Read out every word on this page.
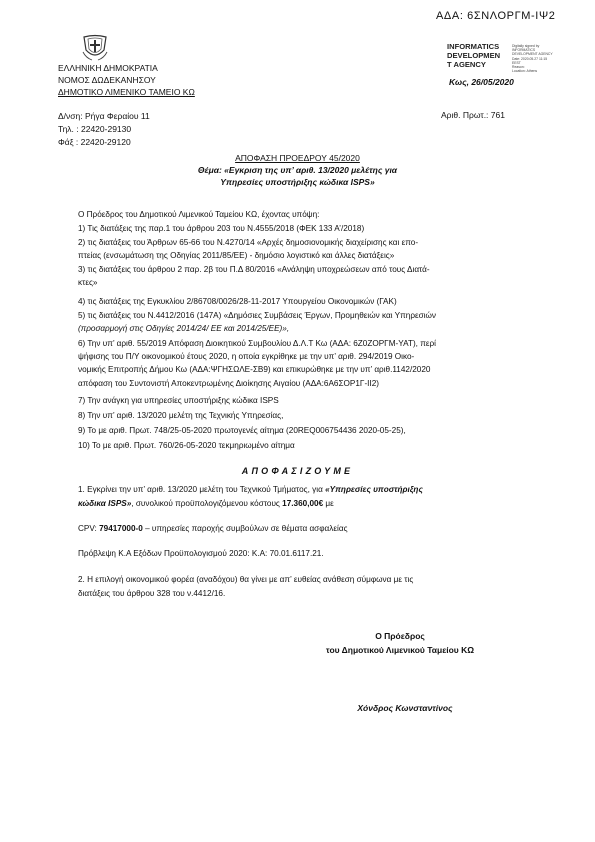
ΑΔΑ: 6ΣΝΛΟΡΓΜ-ΙΨ2
ΕΛΛΗΝΙΚΗ ΔΗΜΟΚΡΑΤΙΑ
ΝΟΜΟΣ ΔΩΔΕΚΑΝΗΣΟΥ
ΔΗΜΟΤΙΚΟ ΛΙΜΕΝΙΚΟ ΤΑΜΕΙΟ ΚΩ
INFORMATICS
DEVELOPMEN
T AGENCY
Digitally signed by
INFORMATICS
DEVELOPMENT AGENCY
Date: 2020.05.27 11:15
EEST
Reason:
Location: Athens
Κως, 26/05/2020
Δ/νση: Ρήγα Φεραίου 11
Τηλ. : 22420-29130
Φάξ : 22420-29120
Αριθ. Πρωτ.: 761
ΑΠΟΦΑΣΗ ΠΡΟΕΔΡΟΥ 45/2020
Θέμα: «Εγκριση της υπ’ αριθ. 13/2020 μελέτης για
Υπηρεσίες υποστήριξης κώδικα ISPS»
Ο Πρόεδρος του Δημοτικού Λιμενικού Ταμείου ΚΩ, έχοντας υπόψη:
1) Τις διατάξεις της παρ.1 του άρθρου 203 του Ν.4555/2018 (ΦΕΚ 133 Α’/2018)
2) τις διατάξεις του Άρθρων 65-66 του Ν.4270/14 «Αρχές δημοσιονομικής διαχείρισης και επο-
πτείας (ενσωμάτωση της Οδηγίας 2011/85/ΕΕ) - δημόσιο λογιστικό και άλλες διατάξεις»
3) τις διατάξεις του άρθρου 2 παρ. 2β του Π.Δ 80/2016 «Ανάληψη υποχρεώσεων από τους Διατά-
κτες»
4) τις διατάξεις της Εγκυκλίου 2/86708/0026/28-11-2017 Υπουργείου Οικονομικών (ΓΑΚ)
5) τις διατάξεις του Ν.4412/2016 (147Α) «Δημόσιες Συμβάσεις Έργων, Προμηθειών και Υπηρεσιών
(προσαρμογή στις Οδηγίες 2014/24/ ΕΕ και 2014/25/ΕΕ)»,
6) Την υπ’ αριθ. 55/2019 Απόφαση Διοικητικού Συμβουλίου Δ.Λ.Τ Κω (ΑΔΑ: 6Ζ0ΖΟΡΓΜ-ΥΑΤ), περί
ψήφισης του Π/Υ οικονομικού έτους 2020, η οποία εγκρίθηκε με την υπ’ αριθ. 294/2019 Οικο-
νομικής Επιτροπής Δήμου Κω (ΑΔΑ:ΨΓΗΣΩΛΕ-ΣΒ9) και επικυρώθηκε με την υπ’ αριθ.1142/2020
απόφαση του Συντονιστή Αποκεντρωμένης Διοίκησης Αιγαίου (ΑΔΑ:6Α6ΣΟΡ1Γ-ΙΙ2)
7) Την ανάγκη για υπηρεσίες υποστήριξης κώδικα ISPS
8) Την υπ’ αριθ. 13/2020 μελέτη της Τεχνικής Υπηρεσίας,
9) Το με αριθ. Πρωτ. 748/25-05-2020 πρωτογενές αίτημα (20REQ006754436 2020-05-25),
10) Το με αριθ. Πρωτ. 760/26-05-2020 τεκμηριωμένο αίτημα
ΑΠΟΦΑΣΙΖΟΥΜΕ
1. Εγκρίνει την υπ’ αριθ. 13/2020 μελέτη του Τεχνικού Τμήματος, για «Υπηρεσίες υποστήριξης
κώδικα ISPS», συνολικού προϋπολογιζόμενου κόστους 17.360,00€ με
CPV: 79417000-0 – υπηρεσίες παροχής συμβούλων σε θέματα ασφαλείας
Πρόβλεψη Κ.Α Εξόδων Προϋπολογισμού 2020: Κ.Α: 70.01.6117.21.
2. Η επιλογή οικονομικού φορέα (αναδόχου) θα γίνει με απ’ ευθείας ανάθεση σύμφωνα με τις
διατάξεις του άρθρου 328 του ν.4412/16.
Ο Πρόεδρος
του Δημοτικού Λιμενικού Ταμείου ΚΩ
Χόνδρος Κωνσταντίνος
